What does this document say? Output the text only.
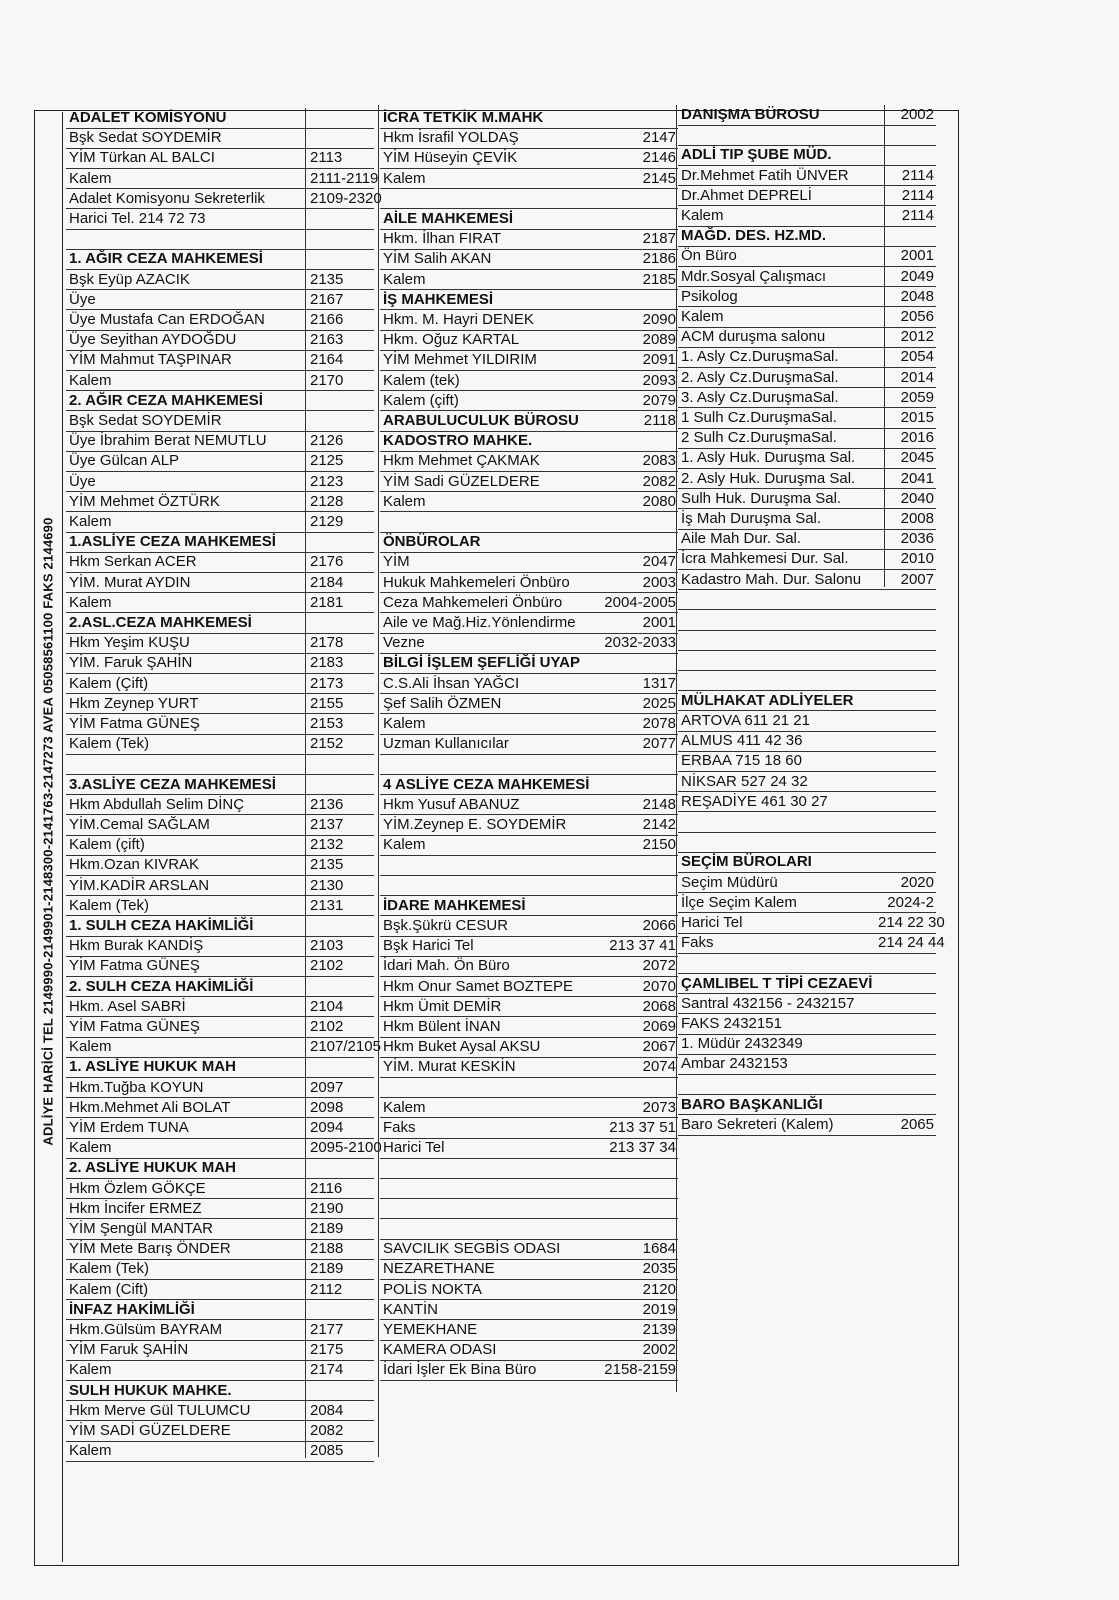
ADLİYE HARİCİ TEL 2149990-2149901-2148300-2141763-2147273 AVEA 05058561100 FAKS 2144690
ADALET KOMİSYONU
Bşk Sedat SOYDEMİR
YİM Türkan AL BALCI	2113
Kalem	2111-2119
Adalet Komisyonu Sekreterlik	2109-2320
Harici Tel. 214 72 73
1. AĞIR CEZA MAHKEMESİ
Bşk Eyüp AZACIK	2135
Üye	2167
Üye Mustafa Can ERDOĞAN	2166
Üye Seyithan AYDOĞDU	2163
YİM Mahmut TAŞPINAR	2164
Kalem	2170
2. AĞIR CEZA MAHKEMESİ
Bşk Sedat SOYDEMİR
Üye İbrahim Berat NEMUTLU	2126
Üye Gülcan ALP	2125
Üye	2123
YİM Mehmet ÖZTÜRK	2128
Kalem	2129
1.ASLİYE CEZA MAHKEMESİ
Hkm Serkan ACER	2176
YİM. Murat AYDIN	2184
Kalem	2181
2.ASL.CEZA MAHKEMESİ
Hkm Yeşim KUŞU	2178
YİM. Faruk ŞAHİN	2183
Kalem (Çift)	2173
Hkm Zeynep YURT	2155
YİM Fatma GÜNEŞ	2153
Kalem (Tek)	2152
3.ASLİYE CEZA MAHKEMESİ
Hkm Abdullah Selim DİNÇ	2136
YİM.Cemal SAĞLAM	2137
Kalem (çift)	2132
Hkm.Ozan KIVRAK	2135
YİM.KADİR ARSLAN	2130
Kalem (Tek)	2131
1. SULH CEZA HAKİMLİĞİ
Hkm Burak KANDİŞ	2103
YİM Fatma GÜNEŞ	2102
2. SULH CEZA HAKİMLİĞİ
Hkm. Asel SABRİ	2104
YİM Fatma GÜNEŞ	2102
Kalem	2107/2105
1. ASLİYE HUKUK MAH
Hkm.Tuğba KOYUN	2097
Hkm.Mehmet Ali BOLAT	2098
YİM Erdem TUNA	2094
Kalem	2095-2100
2. ASLİYE HUKUK MAH
Hkm Özlem GÖKÇE	2116
Hkm İncifer ERMEZ	2190
YİM Şengül MANTAR	2189
YİM Mete Barış ÖNDER	2188
Kalem (Tek)	2189
Kalem (Cift)	2112
İNFAZ HAKİMLİĞİ
Hkm.Gülsüm BAYRAM	2177
YİM Faruk ŞAHİN	2175
Kalem	2174
SULH HUKUK MAHKE.
Hkm Merve Gül TULUMCU	2084
YİM SADİ GÜZELDERE	2082
Kalem	2085
İCRA TETKİK M.MAHK
Hkm İsrafil YOLDAŞ	2147
YİM Hüseyin ÇEVİK	2146
Kalem	2145
AİLE MAHKEMESİ
Hkm. İlhan FIRAT	2187
YİM Salih AKAN	2186
Kalem	2185
İŞ MAHKEMESİ
Hkm. M. Hayri DENEK	2090
Hkm. Oğuz KARTAL	2089
YİM Mehmet YILDIRIM	2091
Kalem (tek)	2093
Kalem (çift)	2079
ARABULUCULUK BÜROSU	2118
KADOSTRO MAHKE.
Hkm Mehmet ÇAKMAK	2083
YİM Sadi GÜZELDERE	2082
Kalem	2080
ÖNBÜROLAR
YİM	2047
Hukuk Mahkemeleri Önbüro	2003
Ceza Mahkemeleri Önbüro	2004-2005
Aile ve Mağ.Hiz.Yönlendirme	2001
Vezne	2032-2033
BİLGİ İŞLEM ŞEFLİĞİ UYAP
C.S.Ali İhsan YAĞCI	1317
Şef Salih ÖZMEN	2025
Kalem	2078
Uzman Kullanıcılar	2077
4 ASLİYE CEZA MAHKEMESİ
Hkm Yusuf ABANUZ	2148
YİM.Zeynep E. SOYDEMİR	2142
Kalem	2150
İDARE MAHKEMESİ
Bşk.Şükrü CESUR	2066
Bşk Harici Tel	213 37 41
İdari Mah. Ön Büro	2072
Hkm Onur Samet BOZTEPE	2070
Hkm Ümit DEMİR	2068
Hkm Bülent İNAN	2069
Hkm Buket Aysal AKSU	2067
YİM. Murat KESKİN	2074
Kalem	2073
Faks	213 37 51
Harici Tel	213 37 34
SAVCILIK SEGBİS ODASI	1684
NEZARETHANE	2035
POLİS NOKTA	2120
KANTİN	2019
YEMEKHANE	2139
KAMERA ODASI	2002
İdari İşler Ek Bina Büro	2158-2159
DANIŞMA BÜROSU	2002
ADLİ TIP ŞUBE MÜD.
Dr.Mehmet Fatih ÜNVER	2114
Dr.Ahmet DEPRELİ	2114
Kalem	2114
MAĞD. DES. HZ.MD.
Ön Büro	2001
Mdr.Sosyal Çalışmacı	2049
Psikolog	2048
Kalem	2056
ACM duruşma salonu	2012
1. Asly Cz.DuruşmaSal.	2054
2. Asly Cz.DuruşmaSal.	2014
3. Asly Cz.DuruşmaSal.	2059
1 Sulh Cz.DuruşmaSal.	2015
2 Sulh Cz.DuruşmaSal.	2016
1. Asly Huk. Duruşma Sal.	2045
2. Asly Huk. Duruşma Sal.	2041
Sulh Huk. Duruşma Sal.	2040
İş Mah Duruşma Sal.	2008
Aile Mah Dur. Sal.	2036
İcra Mahkemesi Dur. Sal.	2010
Kadastro Mah. Dur. Salonu	2007
MÜLHAKAT ADLİYELER
ARTOVA 611 21 21
ALMUS 411 42 36
ERBAA 715 18 60
NİKSAR 527 24 32
REŞADİYE 461 30 27
SEÇİM BÜROLARI
Seçim Müdürü	2020
İlçe Seçim Kalem	2024-2
Harici Tel	214 22 30
Faks	214 24 44
ÇAMLIBEL T TİPİ CEZAEVİ
Santral 432156 - 2432157
FAKS 2432151
1. Müdür 2432349
Ambar 2432153
BARO BAŞKANLIĞI
Baro Sekreteri (Kalem)	2065
